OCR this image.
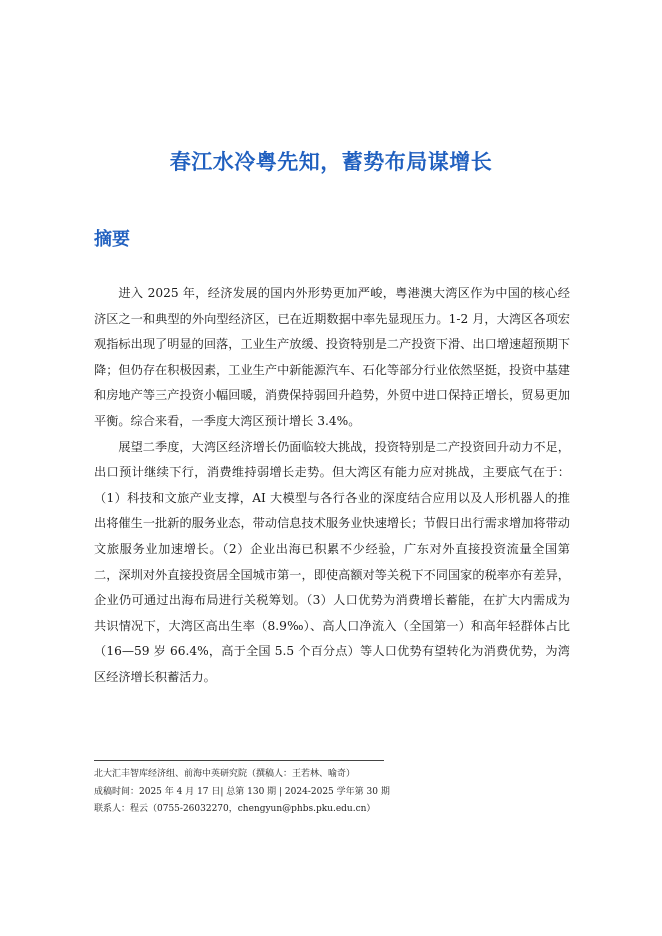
春江水冷粤先知，蓄势布局谋增长
摘要

进入 2025 年，经济发展的国内外形势更加严峻，粤港澳大湾区作为中国的核心经济区之一和典型的外向型经济区，已在近期数据中率先显现压力。1-2 月，大湾区各项宏观指标出现了明显的回落，工业生产放缓、投资特别是二产投资下滑、出口增速超预期下降；但仍存在积极因素，工业生产中新能源汽车、石化等部分行业依然坚挺，投资中基建和房地产等三产投资小幅回暖，消费保持弱回升趋势，外贸中进口保持正增长，贸易更加平衡。综合来看，一季度大湾区预计增长 3.4%。

展望二季度，大湾区经济增长仍面临较大挑战，投资特别是二产投资回升动力不足，出口预计继续下行，消费维持弱增长走势。但大湾区有能力应对挑战，主要底气在于：（1）科技和文旅产业支撑，AI 大模型与各行各业的深度结合应用以及人形机器人的推出将催生一批新的服务业态，带动信息技术服务业快速增长；节假日出行需求增加将带动文旅服务业加速增长。（2）企业出海已积累不少经验，广东对外直接投资流量全国第二，深圳对外直接投资居全国城市第一，即使高额对等关税下不同国家的税率亦有差异，企业仍可通过出海布局进行关税筹划。（3）人口优势为消费增长蓄能，在扩大内需成为共识情况下，大湾区高出生率（8.9‰）、高人口净流入（全国第一）和高年轻群体占比（16—59 岁 66.4%，高于全国 5.5 个百分点）等人口优势有望转化为消费优势，为湾区经济增长积蓄活力。

北大汇丰智库经济组、前海中英研究院（撰稿人：王若林、喻奇）
成稿时间：2025 年 4 月 17 日| 总第 130 期 | 2024-2025 学年第 30 期
联系人：程云（0755-26032270，chengyun@phbs.pku.edu.cn）
